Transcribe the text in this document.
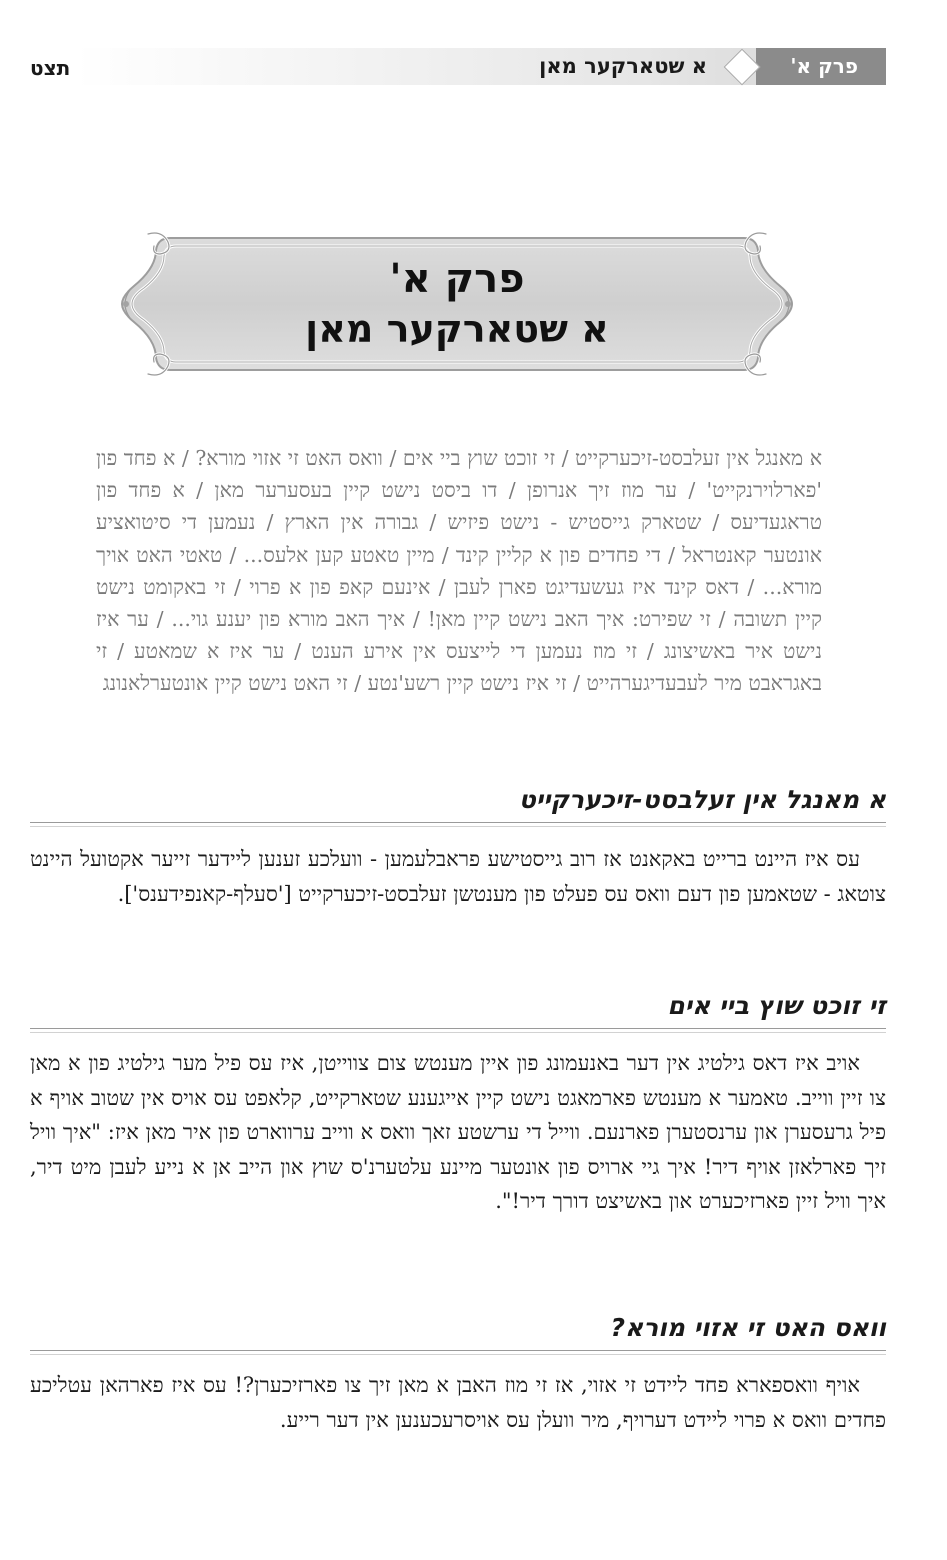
פרק א'
א שטארקער מאן
תצט
פרק א'
א שטארקער מאן
א מאנגל אין זעלבסט-זיכערקייט / זי זוכט שוץ ביי אים / וואס האט זי אזוי מורא? / א פחד פון 'פארלוירנקייט' / ער מוז זיך אנרופן / דו ביסט נישט קיין בעסערער מאן / א פחד פון טראגעדיעס / שטארק גייסטיש - נישט פיזיש / גבורה אין הארץ / נעמען די סיטואציע אונטער קאנטראל / די פחדים פון א קליין קינד / מיין טאטע קען אלעס... / טאטי האט אויך מורא... / דאס קינד איז געשעדיגט פארן לעבן / אינעם קאפ פון א פרוי / זי באקומט נישט קיין תשובה / זי שפירט: איך האב נישט קיין מאן! / איך האב מורא פון יענע גוי... / ער איז נישט איר באשיצונג / זי מוז נעמען די לייצעס אין אירע הענט / ער איז א שמאטע / זי באגראבט מיר לעבעדיגערהייט / זי איז נישט קיין רשע'נטע / זי האט נישט קיין אונטערלאנונג
א מאנגל אין זעלבסט-זיכערקייט
עס איז היינט ברייט באקאנט אז רוב גייסטישע פראבלעמען - וועלכע זענען ליידער זייער אקטועל היינט צוטאג - שטאמען פון דעם וואס עס פעלט פון מענטשן זעלבסט-זיכערקייט ['סעלף-קאנפידענס'].
זי זוכט שוץ ביי אים
אויב איז דאס גילטיג אין דער באנעמונג פון איין מענטש צום צווייטן, איז עס פיל מער גילטיג פון א מאן צו זיין ווייב. טאמער א מענטש פארמאגט נישט קיין אייגענע שטארקייט, קלאפט עס אויס אין שטוב אויף א פיל גרעסערן און ערנסטערן פארנעם. ווייל די ערשטע זאך וואס א ווייב ערווארט פון איר מאן איז: "איך וויל זיך פארלאזן אויף דיר! איך גיי ארויס פון אונטער מיינע עלטערנ'ס שוץ און הייב אן א נייע לעבן מיט דיר, איך וויל זיין פארזיכערט און באשיצט דורך דיר!".
וואס האט זי אזוי מורא?
אויף וואספארא פחד ליידט זי אזוי, אז זי מוז האבן א מאן זיך צו פארזיכערן?! עס איז פארהאן עטליכע פחדים וואס א פרוי ליידט דערויף, מיר וועלן עס אויסרעכענען אין דער רייע.
